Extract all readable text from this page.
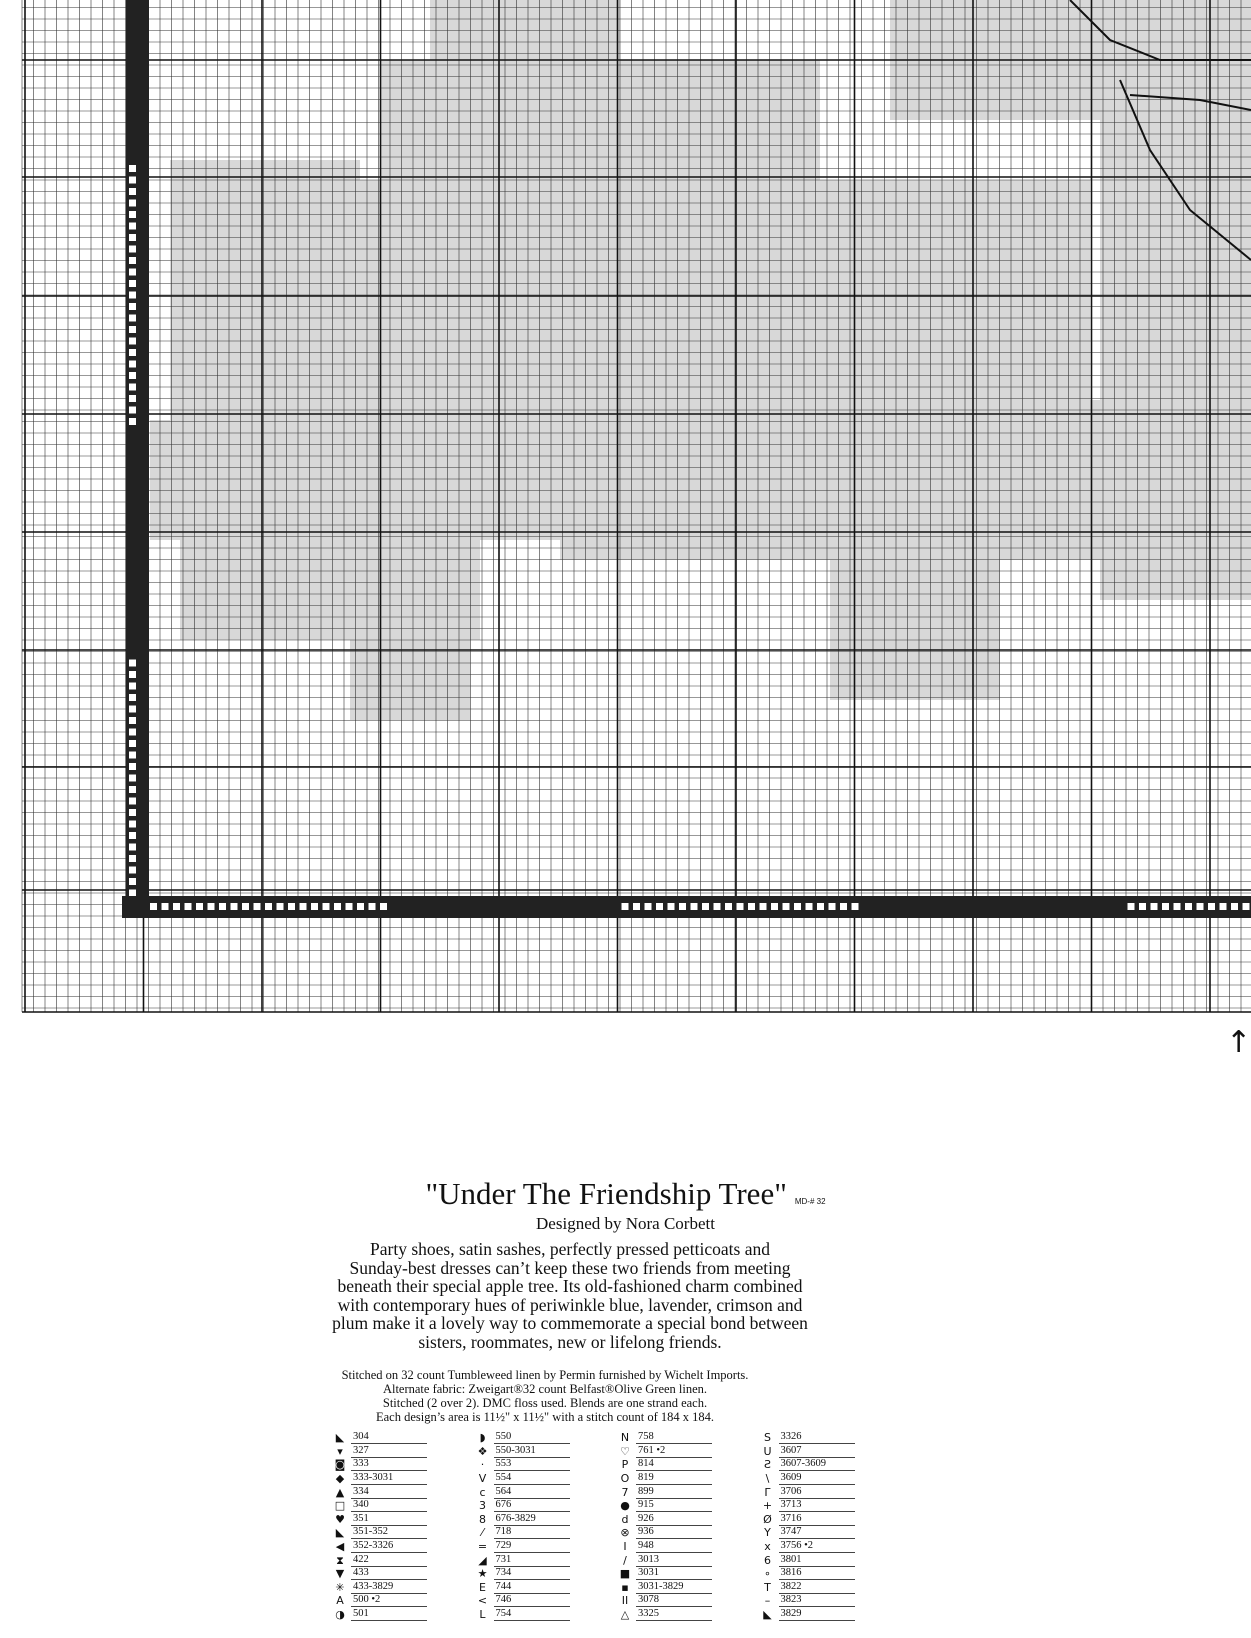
↑
"Under The Friendship Tree" MD-# 32
Designed by Nora Corbett
Party shoes, satin sashes, perfectly pressed petticoats and
Sunday-best dresses can’t keep these two friends from meeting
beneath their special apple tree. Its old-fashioned charm combined
with contemporary hues of periwinkle blue, lavender, crimson and
plum make it a lovely way to commemorate a special bond between
sisters, roommates, new or lifelong friends.
Stitched on 32 count Tumbleweed linen by Permin furnished by Wichelt Imports.
Alternate fabric: Zweigart®32 count Belfast®Olive Green linen.
Stitched (2 over 2). DMC floss used. Blends are one strand each.
Each design’s area is 11½" x 11½" with a stitch count of 184 x 184.
◣ 304
▾ 327
◙ 333
◆ 333-3031
▲ 334
□ 340
♥ 351
◣ 351-352
◀ 352-3326
⧗ 422
▼ 433
✳ 433-3829
A 500 •2
◑ 501
◗ 550
❖ 550-3031
·	553
V 554
c 564
3 676
8 676-3829
⁄	718
= 729
◢ 731
★ 734
E 744
< 746
L 754
N 758
♡ 761 •2
P 814
O 819
7 899
● 915
d 926
⊗ 936
I	948
/	3013
■ 3031
▪ 3031-3829
II 3078
△ 3325
S 3326
U 3607
Ƨ 3607-3609
\	3609
Γ 3706
+ 3713
Ø 3716
Y 3747
x 3756 •2
6 3801
∘ 3816
T 3822
– 3823
◣ 3829
